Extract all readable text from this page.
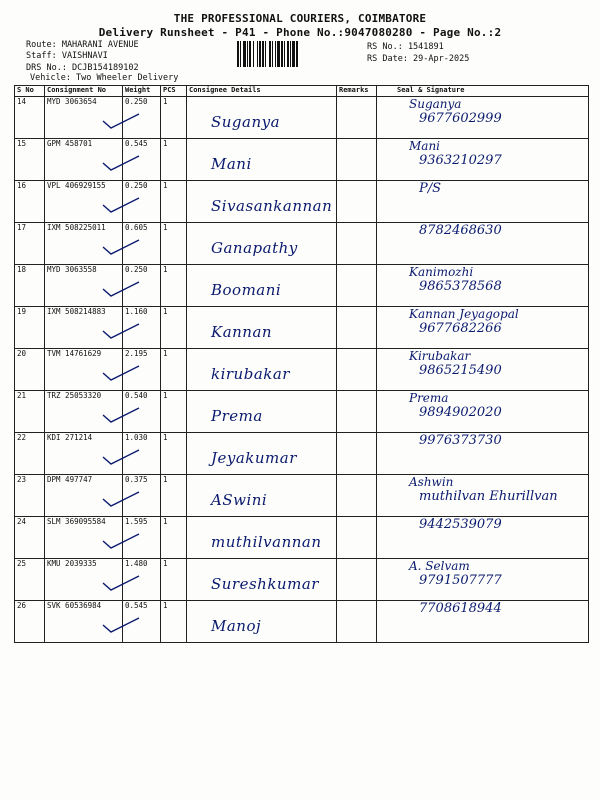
THE PROFESSIONAL COURIERS, COIMBATORE
Delivery Runsheet - P41 - Phone No.:9047080280 - Page No.:2
Route: MAHARANI AVENUE
Staff: VAISHNAVI
DRS No.: DCJB154189102
Vehicle: Two Wheeler Delivery
RS No.: 1541891
RS Date: 29-Apr-2025
S No	Consignment No	Weight	PCS	Consignee Details	Remarks	Seal & Signature
14	MYD 3063654	0.250	1	Suganya		Suganya
9677602999

15	GPM 458701	0.545	1	Mani		Mani
9363210297

16	VPL 406929155	0.250	1	Sivasankannan		P/S

17	IXM 508225011	0.605	1	Ganapathy		8782468630

18	MYD 3063558	0.250	1	Boomani		Kanimozhi
9865378568

19	IXM 508214883	1.160	1	Kannan		Kannan Jeyagopal
9677682266

20	TVM 14761629	2.195	1	kirubakar		Kirubakar
9865215490

21	TRZ 25053320	0.540	1	Prema		Prema
9894902020

22	KDI 271214	1.030	1	Jeyakumar		9976373730

23	DPM 497747	0.375	1	ASwini		Ashwin
muthilvan Ehurillvan

24	SLM 369095584	1.595	1	muthilvannan		9442539079

25	KMU 2039335	1.480	1	Sureshkumar		A. Selvam
9791507777

26	SVK 60536984	0.545	1	Manoj		7708618944
